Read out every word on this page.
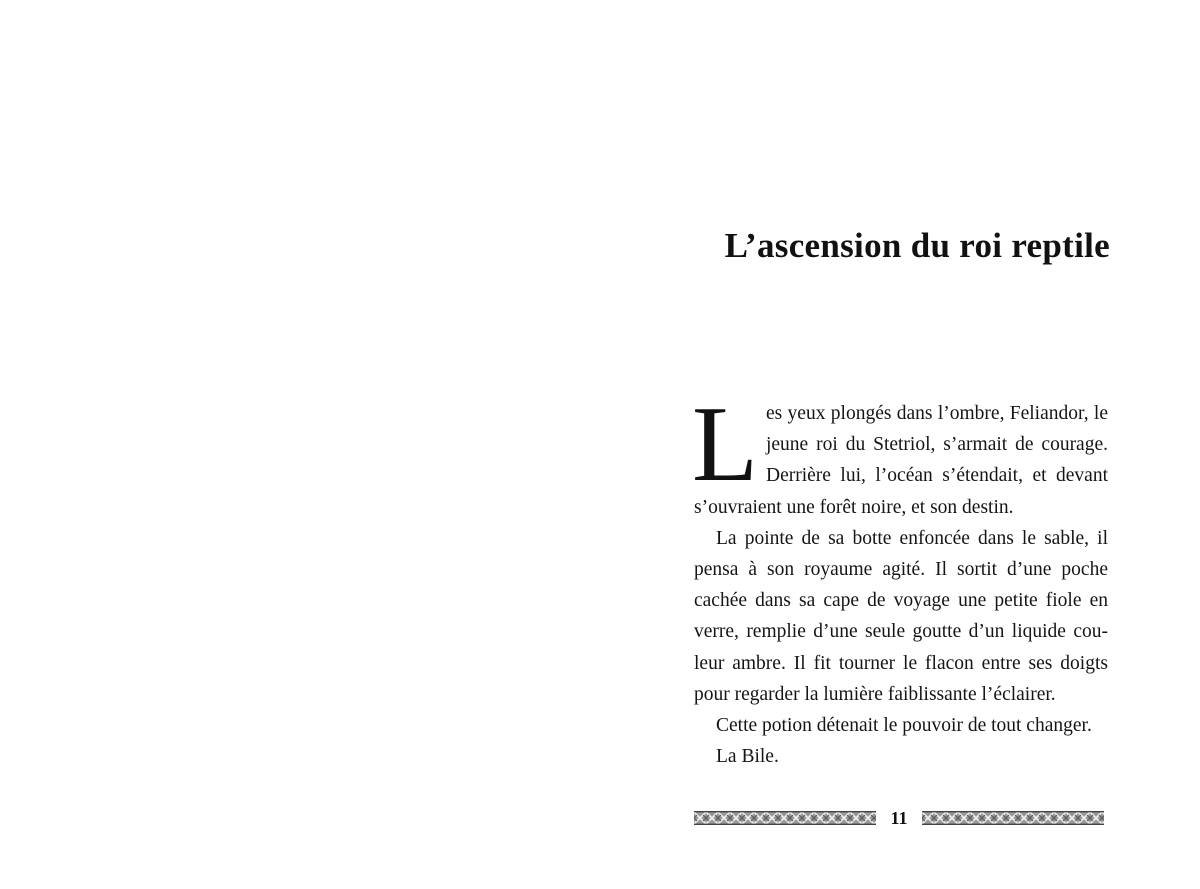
L’ascension du roi reptile

Les yeux plongés dans l’ombre, Feliandor, le jeune roi du Stetriol, s’armait de courage. Derrière lui, l’océan s’étendait, et devant s’ouvraient une forêt noire, et son destin.

La pointe de sa botte enfoncée dans le sable, il pensa à son royaume agité. Il sortit d’une poche cachée dans sa cape de voyage une petite fiole en verre, remplie d’une seule goutte d’un liquide couleur ambre. Il fit tourner le flacon entre ses doigts pour regarder la lumière faiblissante l’éclairer.

Cette potion détenait le pouvoir de tout changer.

La Bile.

11
